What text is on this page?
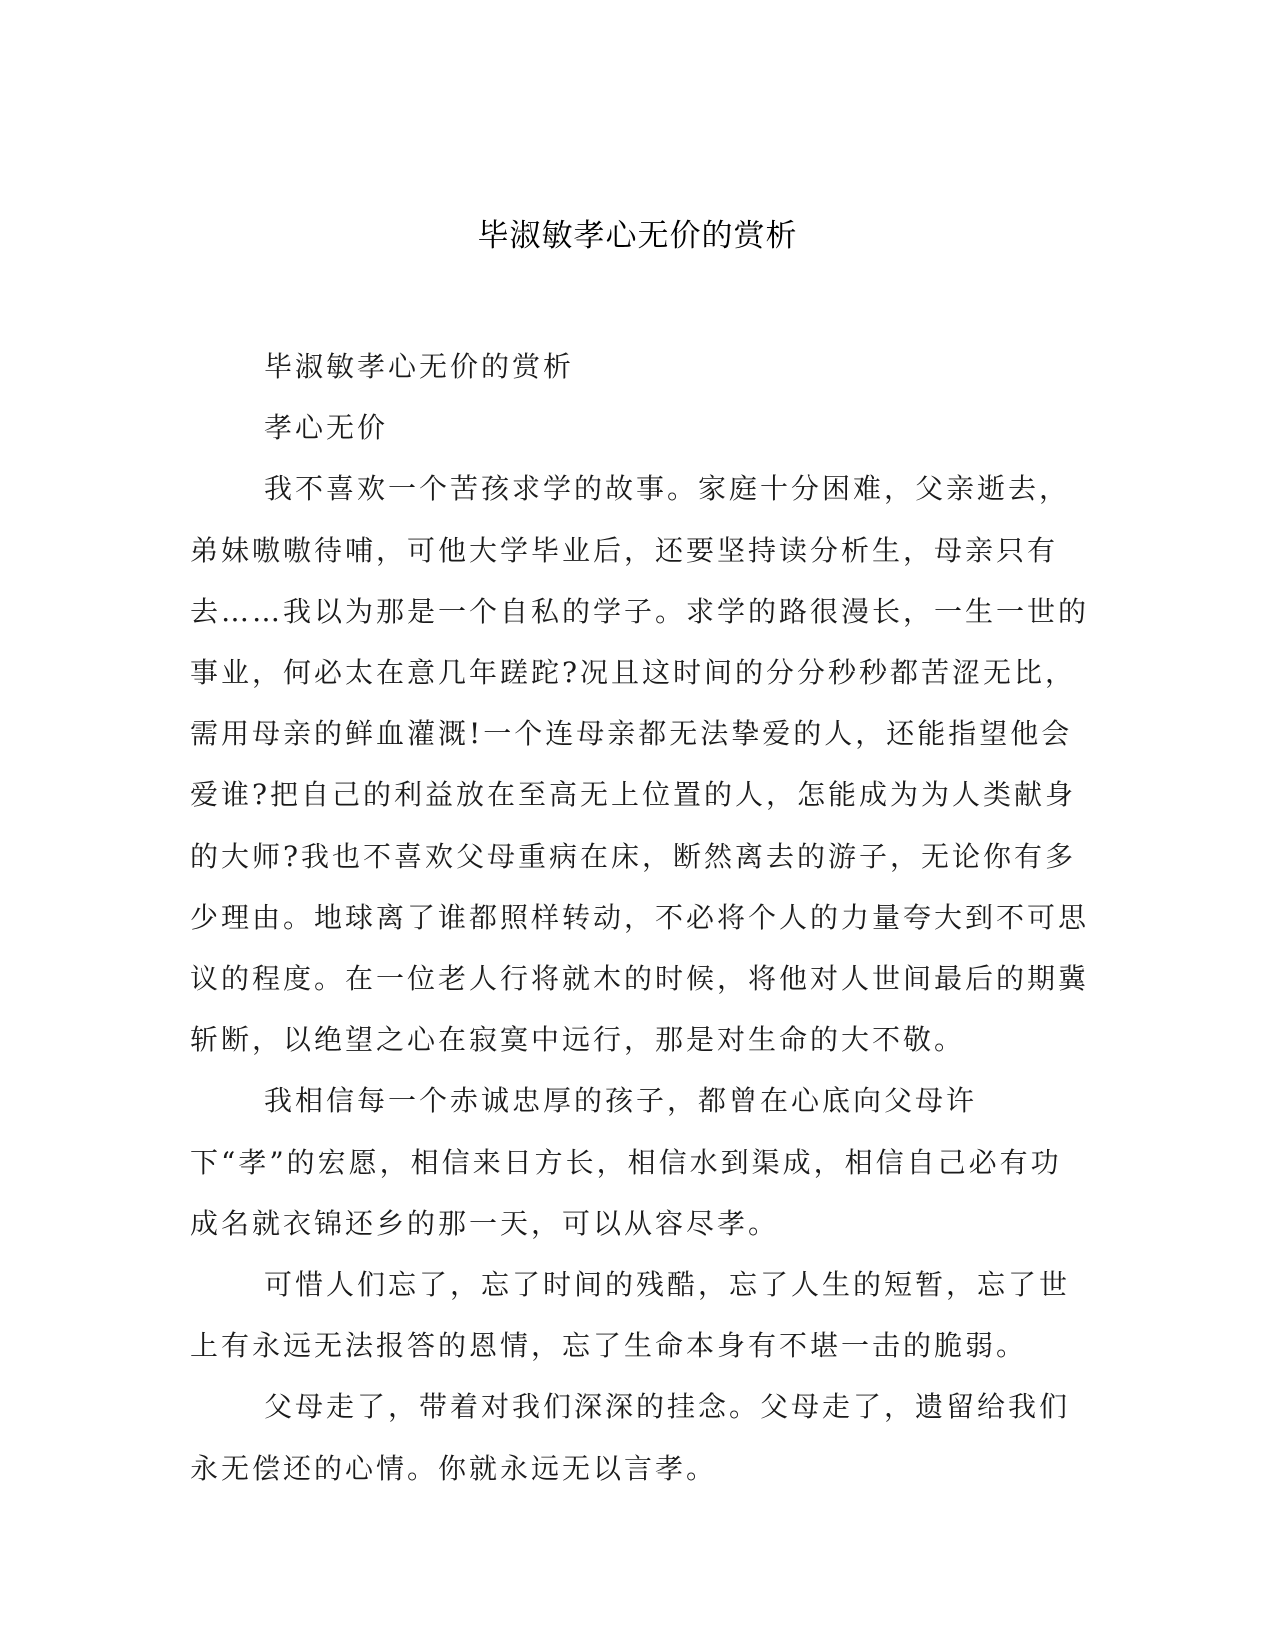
毕淑敏孝心无价的赏析

毕淑敏孝心无价的赏析

孝心无价

我不喜欢一个苦孩求学的故事。家庭十分困难，父亲逝去，弟妹嗷嗷待哺，可他大学毕业后，还要坚持读分析生，母亲只有去……我以为那是一个自私的学子。求学的路很漫长，一生一世的事业，何必太在意几年蹉跎?况且这时间的分分秒秒都苦涩无比，需用母亲的鲜血灌溉!一个连母亲都无法挚爱的人，还能指望他会爱谁?把自己的利益放在至高无上位置的人，怎能成为为人类献身的大师?我也不喜欢父母重病在床，断然离去的游子，无论你有多少理由。地球离了谁都照样转动，不必将个人的力量夸大到不可思议的程度。在一位老人行将就木的时候，将他对人世间最后的期冀斩断，以绝望之心在寂寞中远行，那是对生命的大不敬。

我相信每一个赤诚忠厚的孩子，都曾在心底向父母许下“孝”的宏愿，相信来日方长，相信水到渠成，相信自己必有功成名就衣锦还乡的那一天，可以从容尽孝。

可惜人们忘了，忘了时间的残酷，忘了人生的短暂，忘了世上有永远无法报答的恩情，忘了生命本身有不堪一击的脆弱。

父母走了，带着对我们深深的挂念。父母走了，遗留给我们永无偿还的心情。你就永远无以言孝。
